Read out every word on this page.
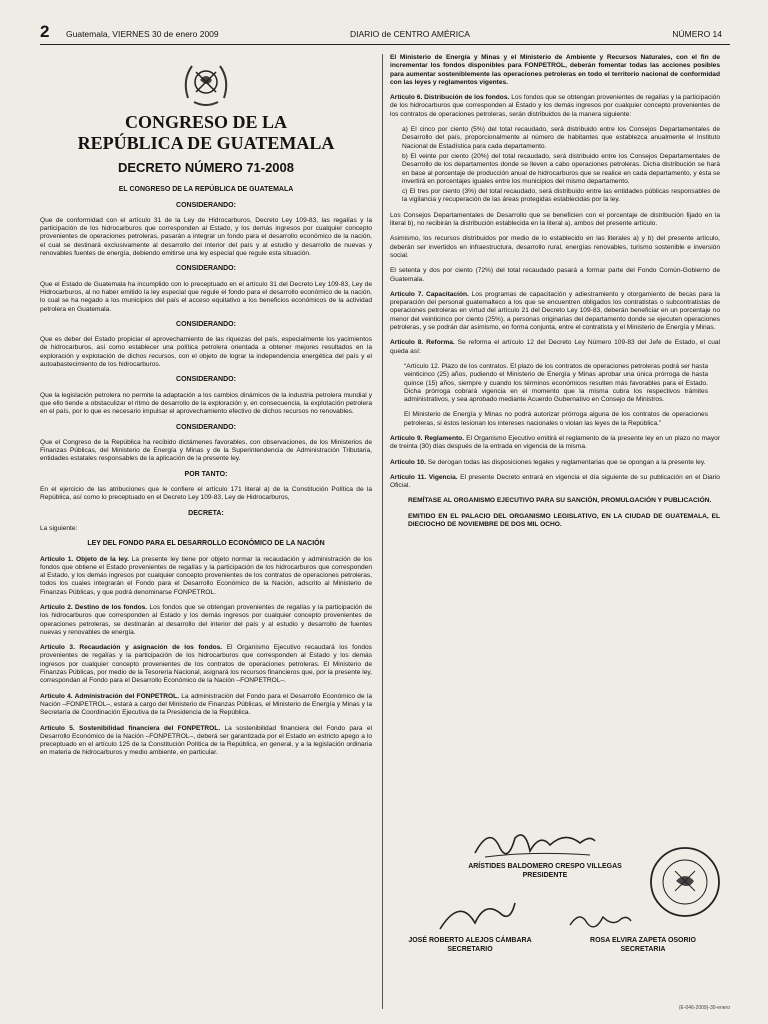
2 Guatemala, VIERNES 30 de enero 2009	DIARIO de CENTRO AMÉRICA	NÚMERO 14
CONGRESO DE LA
REPÚBLICA DE GUATEMALA
DECRETO NÚMERO 71-2008
EL CONGRESO DE LA REPÚBLICA DE GUATEMALA
CONSIDERANDO:

Que de conformidad con el artículo 31 de la Ley de Hidrocarburos, Decreto Ley 109-83, las regalías y la participación de los hidrocarburos que corresponden al Estado, y los demás ingresos por cualquier concepto provenientes de operaciones petroleras, pasarán a integrar un fondo para el desarrollo económico de la nación, el cual se destinará exclusivamente al desarrollo del interior del país y al estudio y desarrollo de nuevas y renovables fuentes de energía, debiendo emitirse una ley especial que regule esta situación.

CONSIDERANDO:

Que el Estado de Guatemala ha incumplido con lo preceptuado en el artículo 31 del Decreto Ley 109-83, Ley de Hidrocarburos, al no haber emitido la ley especial que regule el fondo para el desarrollo económico de la nación, lo cual se ha negado a los municipios del país el acceso equitativo a los beneficios económicos de la actividad petrolera en Guatemala.

CONSIDERANDO:

Que es deber del Estado propiciar el aprovechamiento de las riquezas del país, especialmente los yacimientos de hidrocarburos, así como establecer una política petrolera orientada a obtener mejores resultados en la exploración y explotación de dichos recursos, con el objeto de lograr la independencia energética del país y el autoabastecimiento de los hidrocarburos.

CONSIDERANDO:

Que la legislación petrolera no permite la adaptación a los cambios dinámicos de la industria petrolera mundial y que ello tiende a obstaculizar el ritmo de desarrollo de la exploración y, en consecuencia, la explotación petrolera en el país, por lo que es necesario impulsar el aprovechamiento efectivo de dichos recursos no renovables.

CONSIDERANDO:

Que el Congreso de la República ha recibido dictámenes favorables, con observaciones, de los Ministerios de Finanzas Públicas, del Ministerio de Energía y Minas y de la Superintendencia de Administración Tributaria, entidades estatales responsables de la aplicación de la presente ley.

POR TANTO:

En el ejercicio de las atribuciones que le confiere el artículo 171 literal a) de la Constitución Política de la República, así como lo preceptuado en el Decreto Ley 109-83, Ley de Hidrocarburos,

DECRETA:

La siguiente:

LEY DEL FONDO PARA EL DESARROLLO ECONÓMICO DE LA NACIÓN

Artículo 1. Objeto de la ley. La presente ley tiene por objeto normar la recaudación y administración de los fondos que obtiene el Estado provenientes de regalías y la participación de los hidrocarburos que corresponden al Estado, y los demás ingresos por cualquier concepto provenientes de los contratos de operaciones petroleras, todos los cuales integrarán el Fondo para el Desarrollo Económico de la Nación, adscrito al Ministerio de Finanzas Públicas, y que podrá denominarse FONPETROL.

Artículo 2. Destino de los fondos. Los fondos que se obtengan provenientes de regalías y la participación de los hidrocarburos que corresponden al Estado y los demás ingresos por cualquier concepto provenientes de operaciones petroleras, se destinarán al desarrollo del interior del país y al estudio y desarrollo de fuentes nuevas y renovables de energía.

Artículo 3. Recaudación y asignación de los fondos. El Organismo Ejecutivo recaudará los fondos provenientes de regalías y la participación de los hidrocarburos que corresponden al Estado y los demás ingresos por cualquier concepto provenientes de los contratos de operaciones petroleras. El Ministerio de Finanzas Públicas, por medio de la Tesorería Nacional, asignará los recursos financieros que, por la presente ley, correspondan al Fondo para el Desarrollo Económico de la Nación –FONPETROL–.

Artículo 4. Administración del FONPETROL. La administración del Fondo para el Desarrollo Económico de la Nación –FONPETROL–, estará a cargo del Ministerio de Finanzas Públicas, el Ministerio de Energía y Minas y la Secretaría de Coordinación Ejecutiva de la Presidencia de la República.

Artículo 5. Sostenibilidad financiera del FONPETROL. La sostenibilidad financiera del Fondo para el Desarrollo Económico de la Nación –FONPETROL–, deberá ser garantizada por el Estado en estricto apego a lo preceptuado en el artículo 125 de la Constitución Política de la República, en general, y a la legislación ordinaria en materia de hidrocarburos y medio ambiente, en particular.

El Ministerio de Energía y Minas y el Ministerio de Ambiente y Recursos Naturales, con el fin de incrementar los fondos disponibles para FONPETROL, deberán fomentar todas las acciones posibles para aumentar sosteniblemente las operaciones petroleras en todo el territorio nacional de conformidad con las leyes y reglamentos vigentes.

Artículo 6. Distribución de los fondos. Los fondos que se obtengan provenientes de regalías y la participación de los hidrocarburos que corresponden al Estado y los demás ingresos por cualquier concepto provenientes de los contratos de operaciones petroleras, serán distribuidos de la manera siguiente:

a) El cinco por ciento (5%) del total recaudado, será distribuido entre los Consejos Departamentales de Desarrollo del país, proporcionalmente al número de habitantes que establezca anualmente el Instituto Nacional de Estadística para cada departamento.
b) El veinte por ciento (20%) del total recaudado, será distribuido entre los Consejos Departamentales de Desarrollo de los departamentos donde se lleven a cabo operaciones petroleras. Dicha distribución se hará en base al porcentaje de producción anual de hidrocarburos que se realice en cada departamento, y ésta se invertirá en porcentajes iguales entre los municipios del mismo departamento.
c) El tres por ciento (3%) del total recaudado, será distribuido entre las entidades públicas responsables de la vigilancia y recuperación de las áreas protegidas establecidas por la ley.

Los Consejos Departamentales de Desarrollo que se beneficien con el porcentaje de distribución fijado en la literal b), no recibirán la distribución establecida en la literal a), ambos del presente artículo.

Asimismo, los recursos distribuidos por medio de lo establecido en las literales a) y b) del presente artículo, deberán ser invertidos en infraestructura, desarrollo rural, energías renovables, turismo sostenible e inversión social.

El setenta y dos por ciento (72%) del total recaudado pasará a formar parte del Fondo Común-Gobierno de Guatemala.

Artículo 7. Capacitación. Los programas de capacitación y adiestramiento y otorgamiento de becas para la preparación del personal guatemalteco a los que se encuentren obligados los contratistas o subcontratistas de operaciones petroleras en virtud del artículo 21 del Decreto Ley 109-83, deberán beneficiar en un porcentaje no menor del veinticinco por ciento (25%), a personas originarias del departamento donde se ejecuten operaciones petroleras, y se podrán dar asimismo, en forma conjunta, entre el contratista y el Ministerio de Energía y Minas.

Artículo 8. Reforma. Se reforma el artículo 12 del Decreto Ley Número 109-83 del Jefe de Estado, el cual queda así:

“Artículo 12. Plazo de los contratos. El plazo de los contratos de operaciones petroleras podrá ser hasta veinticinco (25) años, pudiendo el Ministerio de Energía y Minas aprobar una única prórroga de hasta quince (15) años, siempre y cuando los términos económicos resulten más favorables para el Estado. Dicha prórroga cobrará vigencia en el momento que la misma cubra los respectivos trámites administrativos, y sea aprobado mediante Acuerdo Gubernativo en Consejo de Ministros.
El Ministerio de Energía y Minas no podrá autorizar prórroga alguna de los contratos de operaciones petroleras, si éstos lesionan los intereses nacionales o violan las leyes de la República.”

Artículo 9. Reglamento. El Organismo Ejecutivo emitirá el reglamento de la presente ley en un plazo no mayor de treinta (30) días después de la entrada en vigencia de la misma.

Artículo 10. Se derogan todas las disposiciones legales y reglamentarias que se opongan a la presente ley.

Artículo 11. Vigencia. El presente Decreto entrará en vigencia el día siguiente de su publicación en el Diario Oficial.

REMÍTASE AL ORGANISMO EJECUTIVO PARA SU SANCIÓN, PROMULGACIÓN Y PUBLICACIÓN.
EMITIDO EN EL PALACIO DEL ORGANISMO LEGISLATIVO, EN LA CIUDAD DE GUATEMALA, EL DIECIOCHO DE NOVIEMBRE DE DOS MIL OCHO.
ARÍSTIDES BALDOMERO CRESPO VILLEGAS
PRESIDENTE
JOSÉ ROBERTO ALEJOS CÁMBARA
SECRETARIO
ROSA ELVIRA ZAPETA OSORIO
SECRETARIA
(E-046-2009)-30-enero
